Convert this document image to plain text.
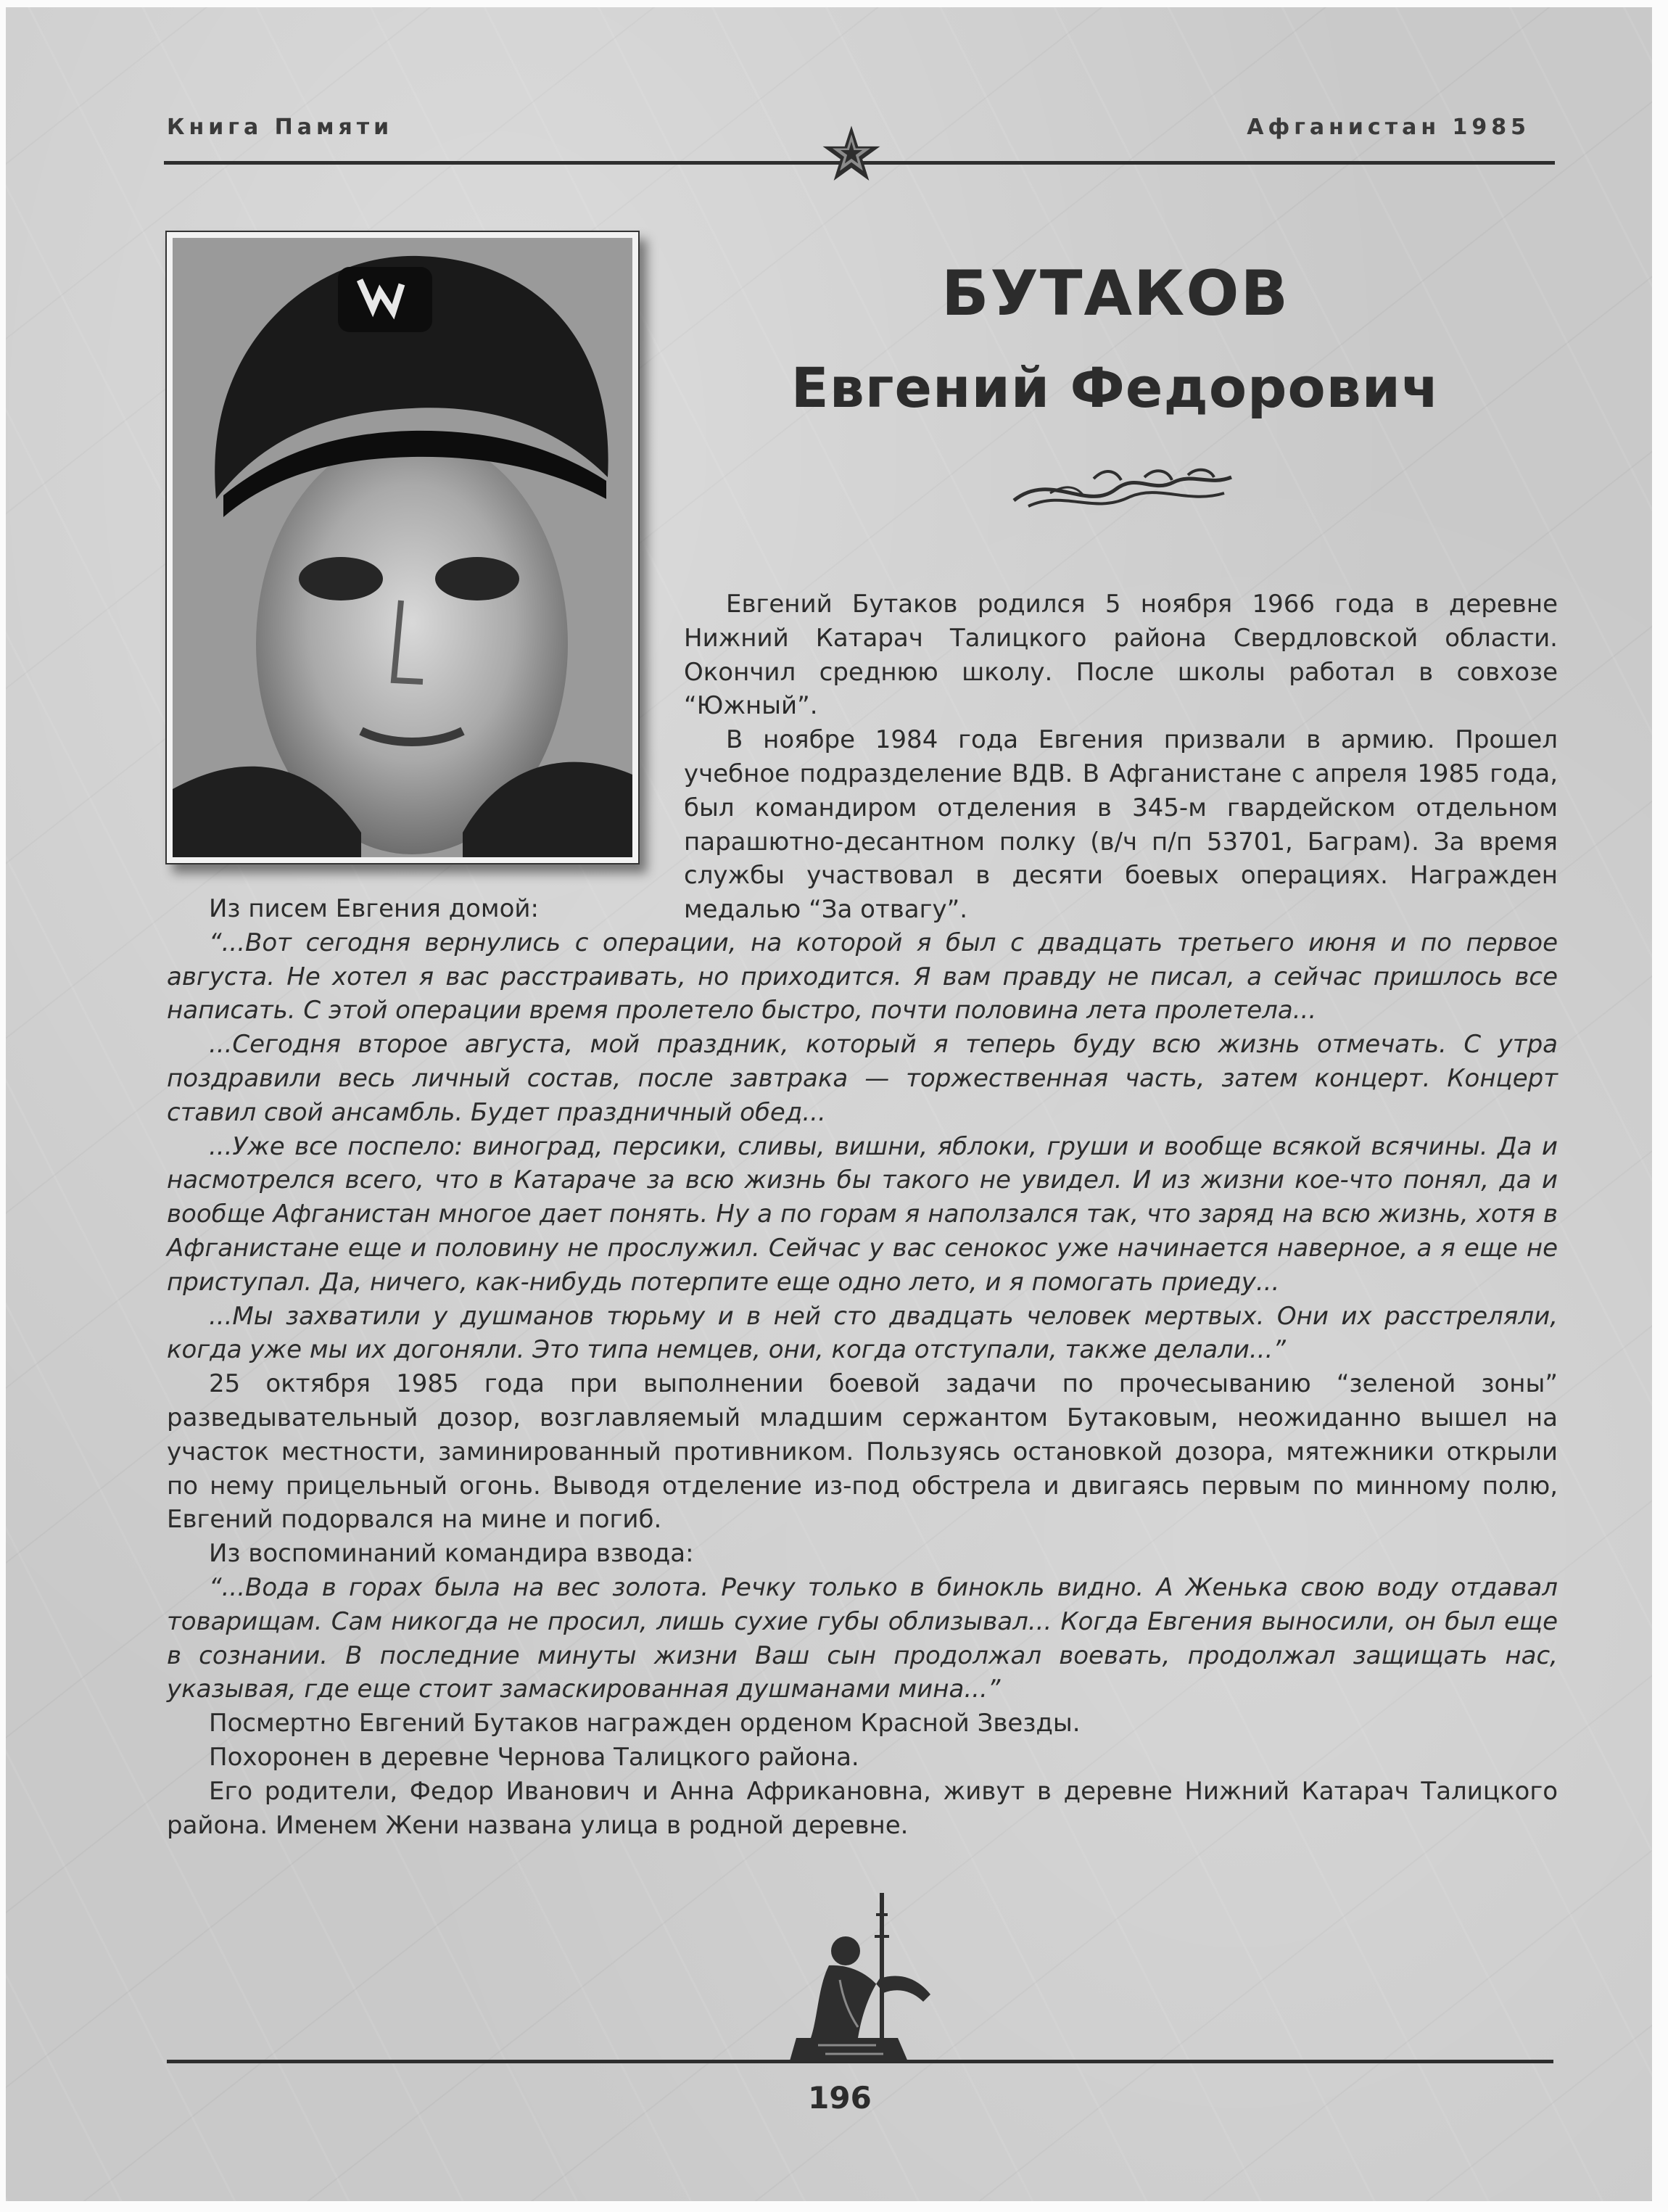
Книга Памяти	Афганистан 1985
БУТАКОВ
Евгений Федорович

Евгений Бутаков родился 5 ноября 1966 года в деревне Нижний Катарач Талицкого района Свердловской области. Окончил среднюю школу. После школы работал в совхозе “Южный”.

В ноябре 1984 года Евгения призвали в армию. Прошел учебное подразделение ВДВ. В Афганистане с апреля 1985 года, был командиром отделения в 345-м гвардейском отдельном парашютно-десантном полку (в/ч п/п 53701, Баграм). За время службы участвовал в десяти боевых операциях. Награжден медалью “За отвагу”.

Из писем Евгения домой:

“...Вот сегодня вернулись с операции, на которой я был с двадцать третьего июня и по первое августа. Не хотел я вас расстраивать, но приходится. Я вам правду не писал, а сейчас пришлось все написать. С этой операции время пролетело быстро, почти половина лета пролетела...

...Сегодня второе августа, мой праздник, который я теперь буду всю жизнь отмечать. С утра поздравили весь личный состав, после завтрака — торжественная часть, затем концерт. Концерт ставил свой ансамбль. Будет праздничный обед...

...Уже все поспело: виноград, персики, сливы, вишни, яблоки, груши и вообще всякой всячины. Да и насмотрелся всего, что в Катараче за всю жизнь бы такого не увидел. И из жизни кое-что понял, да и вообще Афганистан многое дает понять. Ну а по горам я наползался так, что заряд на всю жизнь, хотя в Афганистане еще и половину не прослужил. Сейчас у вас сенокос уже начинается наверное, а я еще не приступал. Да, ничего, как-нибудь потерпите еще одно лето, и я помогать приеду...

...Мы захватили у душманов тюрьму и в ней сто двадцать человек мертвых. Они их расстреляли, когда уже мы их догоняли. Это типа немцев, они, когда отступали, также делали...”

25 октября 1985 года при выполнении боевой задачи по прочесыванию “зеленой зоны” разведывательный дозор, возглавляемый младшим сержантом Бутаковым, неожиданно вышел на участок местности, заминированный противником. Пользуясь остановкой дозора, мятежники открыли по нему прицельный огонь. Выводя отделение из-под обстрела и двигаясь первым по минному полю, Евгений подорвался на мине и погиб.

Из воспоминаний командира взвода:

“...Вода в горах была на вес золота. Речку только в бинокль видно. А Женька свою воду отдавал товарищам. Сам никогда не просил, лишь сухие губы облизывал... Когда Евгения выносили, он был еще в сознании. В последние минуты жизни Ваш сын продолжал воевать, продолжал защищать нас, указывая, где еще стоит замаскированная душманами мина...”

Посмертно Евгений Бутаков награжден орденом Красной Звезды.

Похоронен в деревне Чернова Талицкого района.

Его родители, Федор Иванович и Анна Африкановна, живут в деревне Нижний Катарач Талицкого района. Именем Жени названа улица в родной деревне.

196
